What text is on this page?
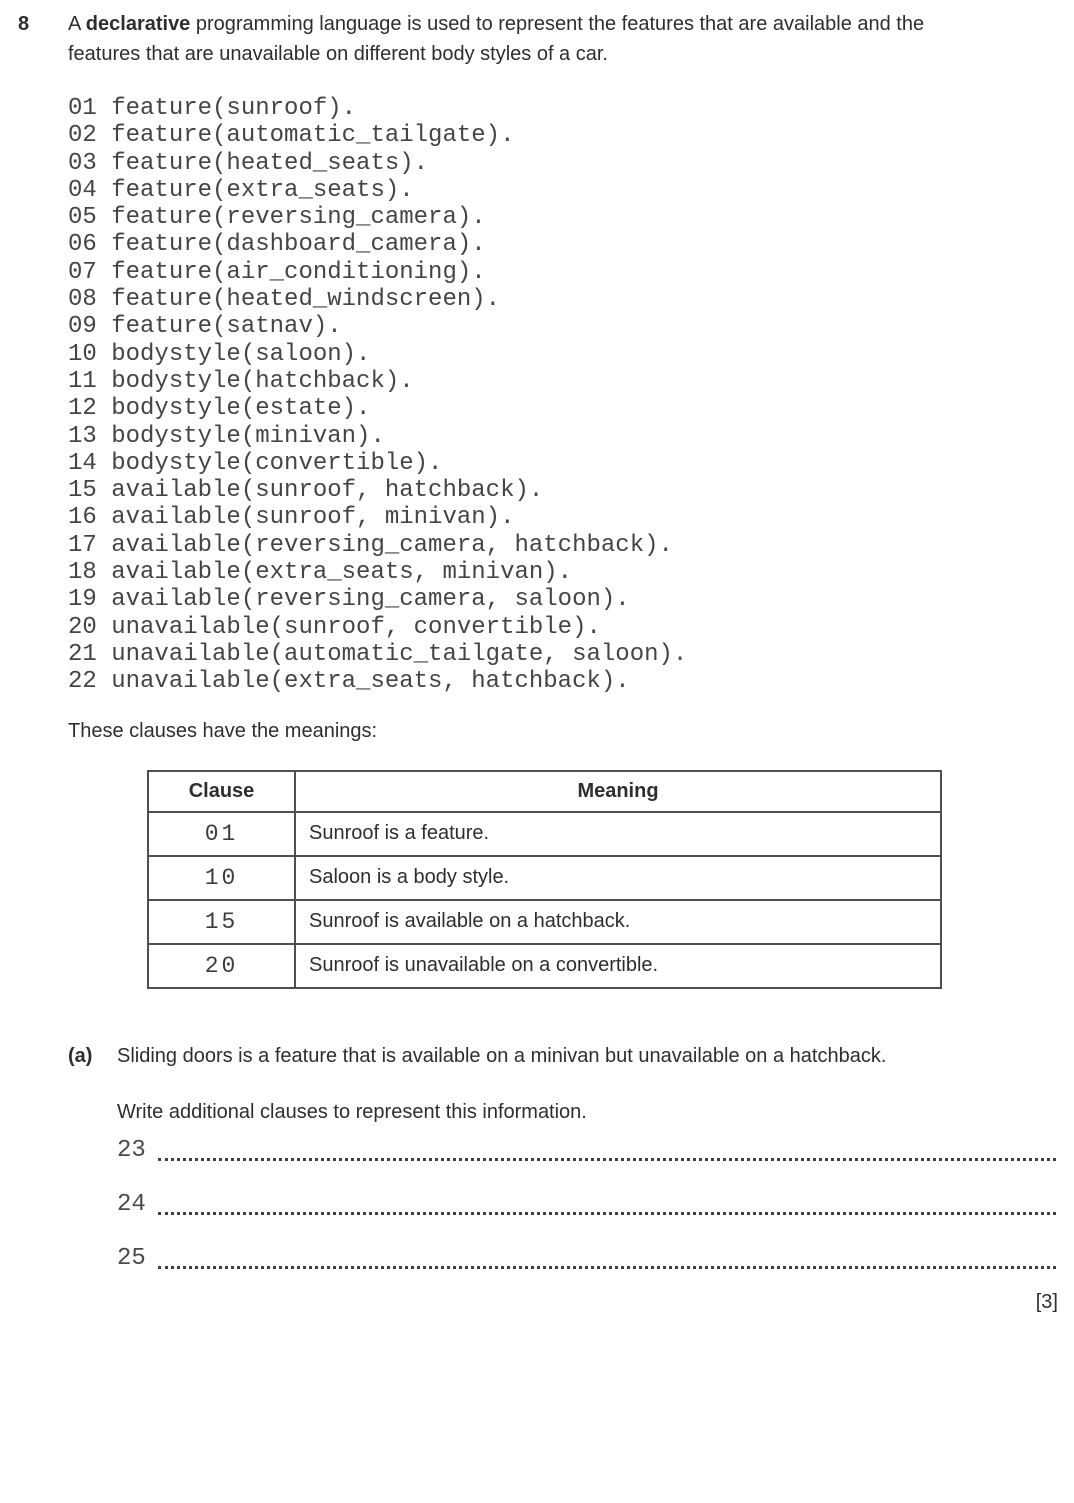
8	A declarative programming language is used to represent the features that are available and the
features that are unavailable on different body styles of a car.
01 feature(sunroof).
02 feature(automatic_tailgate).
03 feature(heated_seats).
04 feature(extra_seats).
05 feature(reversing_camera).
06 feature(dashboard_camera).
07 feature(air_conditioning).
08 feature(heated_windscreen).
09 feature(satnav).
10 bodystyle(saloon).
11 bodystyle(hatchback).
12 bodystyle(estate).
13 bodystyle(minivan).
14 bodystyle(convertible).
15 available(sunroof, hatchback).
16 available(sunroof, minivan).
17 available(reversing_camera, hatchback).
18 available(extra_seats, minivan).
19 available(reversing_camera, saloon).
20 unavailable(sunroof, convertible).
21 unavailable(automatic_tailgate, saloon).
22 unavailable(extra_seats, hatchback).
These clauses have the meanings:
Clause	Meaning
01	Sunroof is a feature.
10	Saloon is a body style.
15	Sunroof is available on a hatchback.
20	Sunroof is unavailable on a convertible.
(a)	Sliding doors is a feature that is available on a minivan but unavailable on a hatchback.
Write additional clauses to represent this information.
23
24
25
[3]
